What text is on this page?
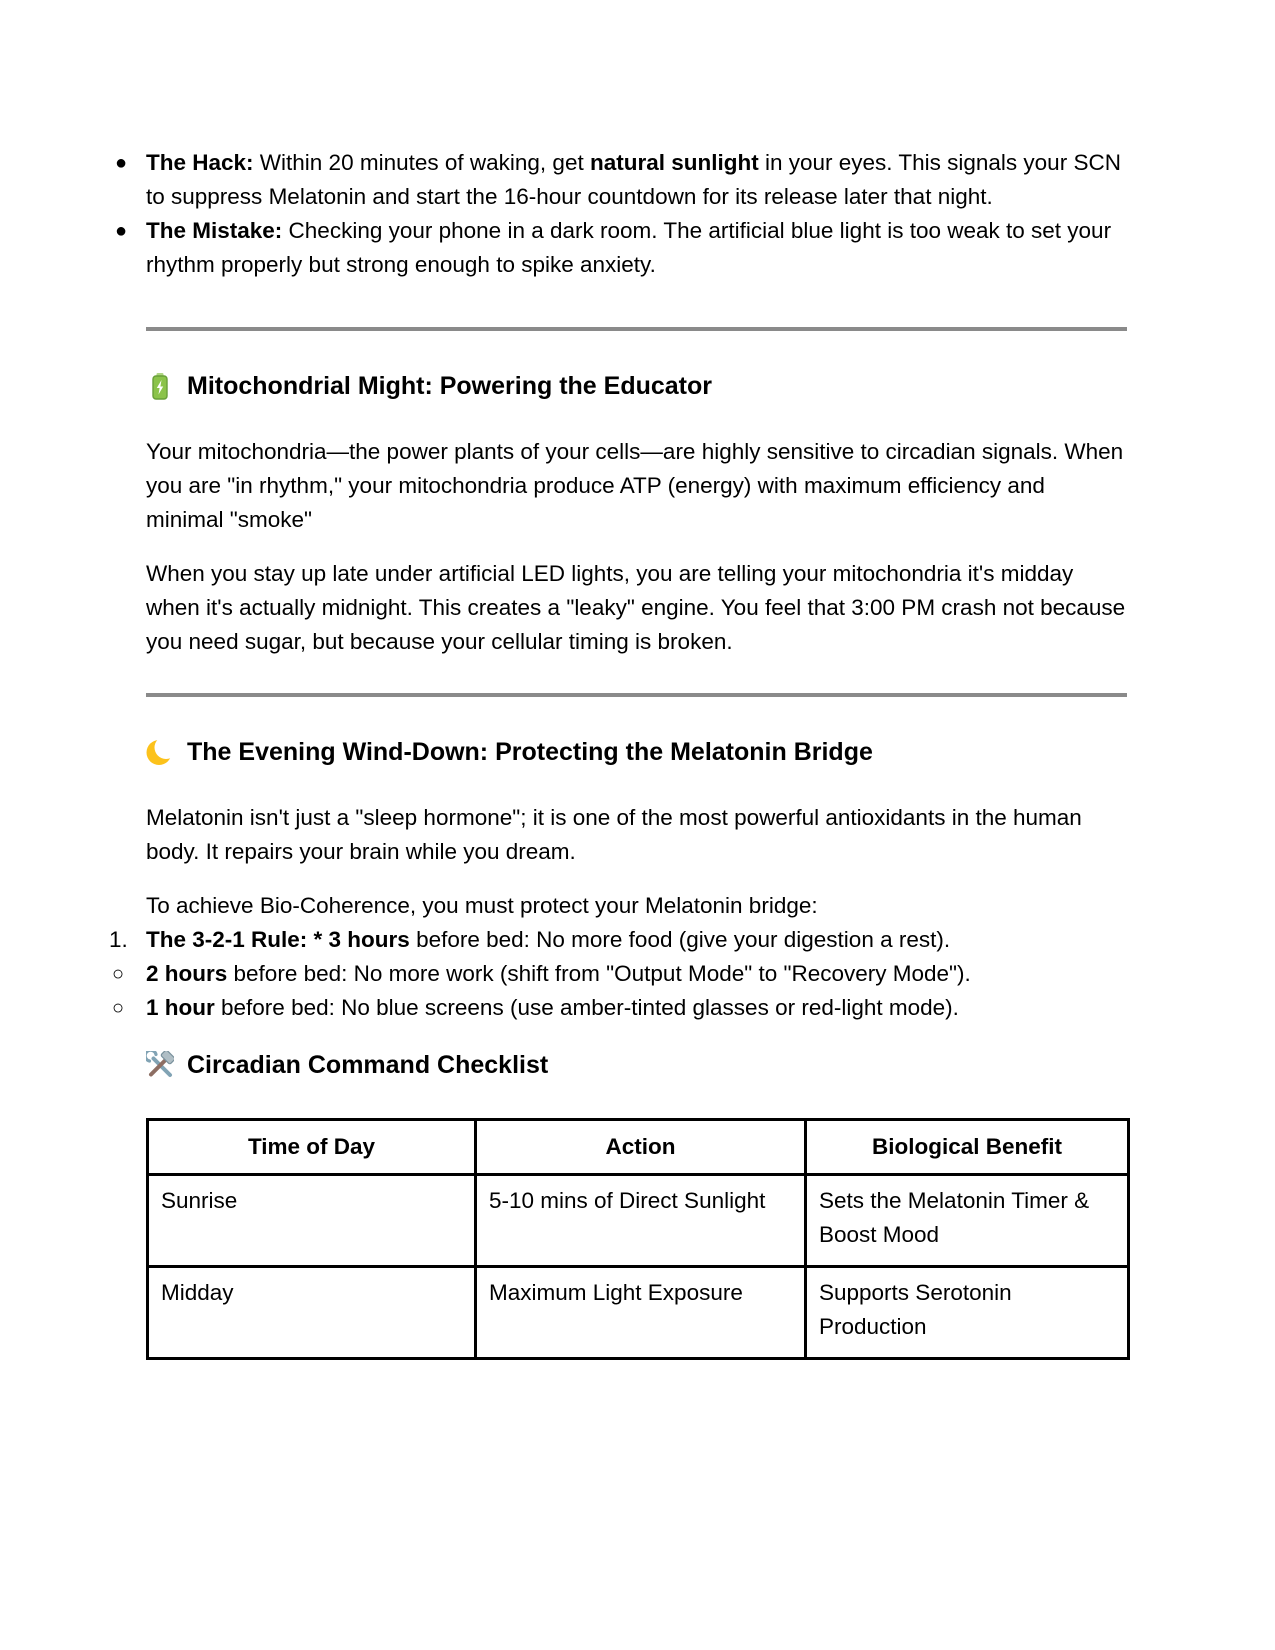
● The Hack: Within 20 minutes of waking, get natural sunlight in your eyes. This signals your SCN to suppress Melatonin and start the 16-hour countdown for its release later that night.
● The Mistake: Checking your phone in a dark room. The artificial blue light is too weak to set your rhythm properly but strong enough to spike anxiety.
Mitochondrial Might: Powering the Educator

Your mitochondria—the power plants of your cells—are highly sensitive to circadian signals. When you are "in rhythm," your mitochondria produce ATP (energy) with maximum efficiency and minimal "smoke"

When you stay up late under artificial LED lights, you are telling your mitochondria it's midday when it's actually midnight. This creates a "leaky" engine. You feel that 3:00 PM crash not because you need sugar, but because your cellular timing is broken.

The Evening Wind-Down: Protecting the Melatonin Bridge

Melatonin isn't just a "sleep hormone"; it is one of the most powerful antioxidants in the human body. It repairs your brain while you dream.

To achieve Bio-Coherence, you must protect your Melatonin bridge:

1. The 3-2-1 Rule: * 3 hours before bed: No more food (give your digestion a rest).
○ 2 hours before bed: No more work (shift from "Output Mode" to "Recovery Mode").
○ 1 hour before bed: No blue screens (use amber-tinted glasses or red-light mode).
Circadian Command Checklist
Time of Day	Action	Biological Benefit
Sunrise	5-10 mins of Direct Sunlight	Sets the Melatonin Timer & Boost Mood
Midday	Maximum Light Exposure	Supports Serotonin Production
